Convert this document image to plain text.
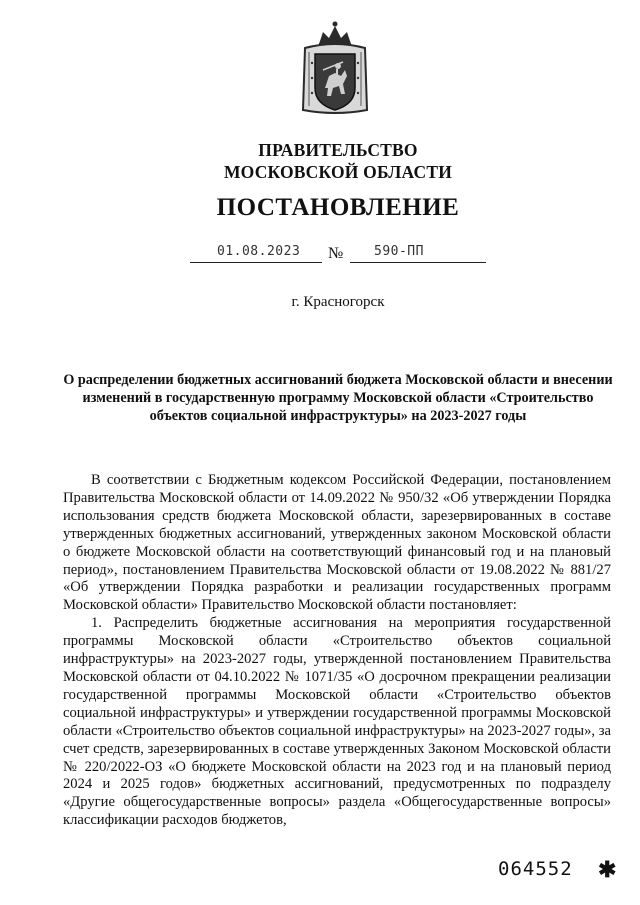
ПРАВИТЕЛЬСТВО
МОСКОВСКОЙ ОБЛАСТИ
ПОСТАНОВЛЕНИЕ
01.08.2023 № 590-ПП
г. Красногорск
О распределении бюджетных ассигнований бюджета Московской области и внесении изменений в государственную программу Московской области «Строительство объектов социальной инфраструктуры» на 2023-2027 годы

В соответствии с Бюджетным кодексом Российской Федерации, постановлением Правительства Московской области от 14.09.2022 № 950/32 «Об утверждении Порядка использования средств бюджета Московской области, зарезервированных в составе утвержденных бюджетных ассигнований, утвержденных законом Московской области о бюджете Московской области на соответствующий финансовый год и на плановый период», постановлением Правительства Московской области от 19.08.2022 № 881/27 «Об утверждении Порядка разработки и реализации государственных программ Московской области» Правительство Московской области постановляет:

1. Распределить бюджетные ассигнования на мероприятия государственной программы Московской области «Строительство объектов социальной инфраструктуры» на 2023-2027 годы, утвержденной постановлением Правительства Московской области от 04.10.2022 № 1071/35 «О досрочном прекращении реализации государственной программы Московской области «Строительство объектов социальной инфраструктуры» и утверждении государственной программы Московской области «Строительство объектов социальной инфраструктуры» на 2023-2027 годы», за счет средств, зарезервированных в составе утвержденных Законом Московской области № 220/2022-ОЗ «О бюджете Московской области на 2023 год и на плановый период 2024 и 2025 годов» бюджетных ассигнований, предусмотренных по подразделу «Другие общегосударственные вопросы» раздела «Общегосударственные вопросы» классификации расходов бюджетов,

064552 ✱
